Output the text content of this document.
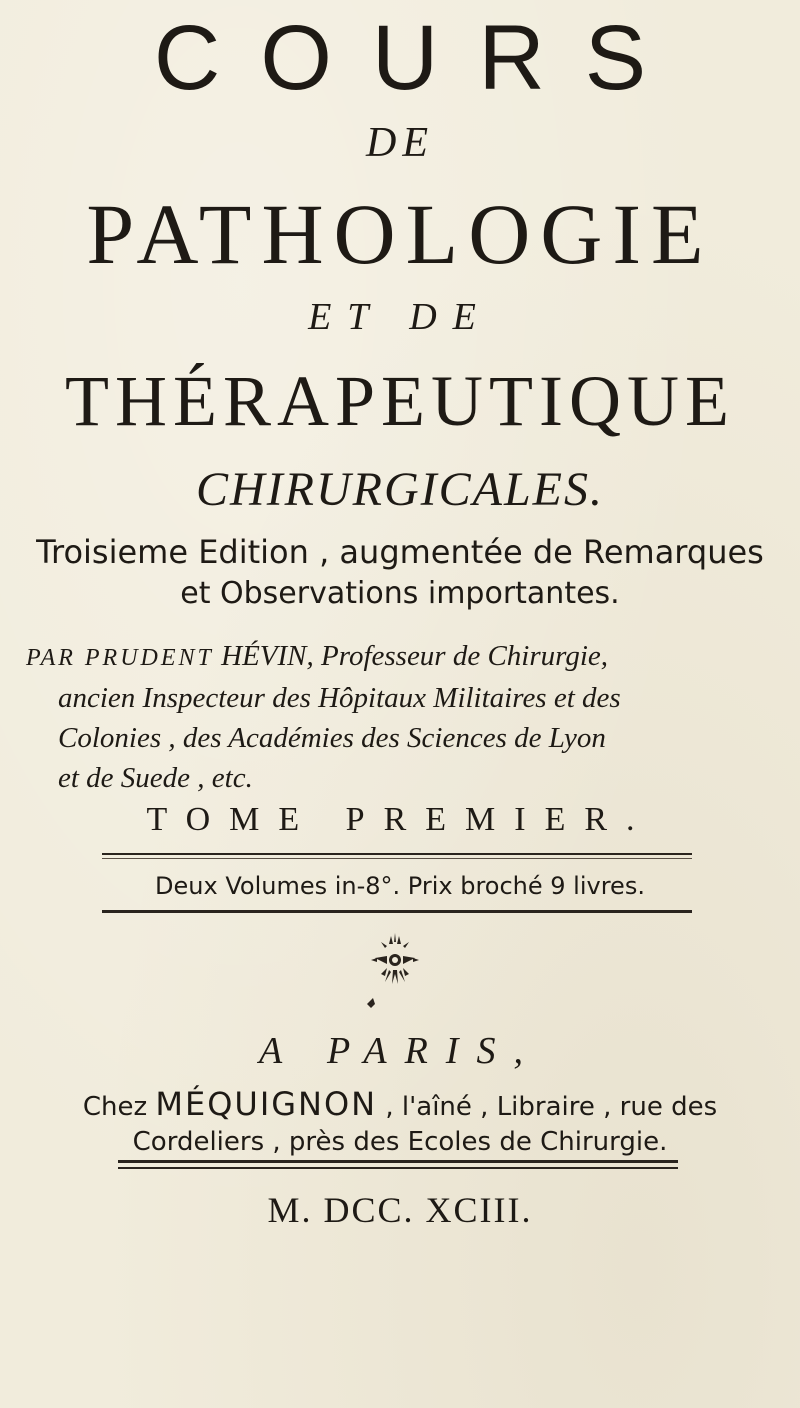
COURS
DE
PATHOLOGIE
ET DE
THÉRAPEUTIQUE
CHIRURGICALES.
Troisieme Edition , augmentée de Remarques
et Observations importantes.
PAR PRUDENT HÉVIN, Professeur de Chirurgie,
ancien Inspecteur des Hôpitaux Militaires et des
Colonies , des Académies des Sciences de Lyon
et de Suede , etc.
TOME PREMIER.
Deux Volumes in-8°. Prix broché 9 livres.
A PARIS,
Chez MÉQUIGNON , l'aîné , Libraire , rue des
Cordeliers , près des Ecoles de Chirurgie.
M. DCC. XCIII.
